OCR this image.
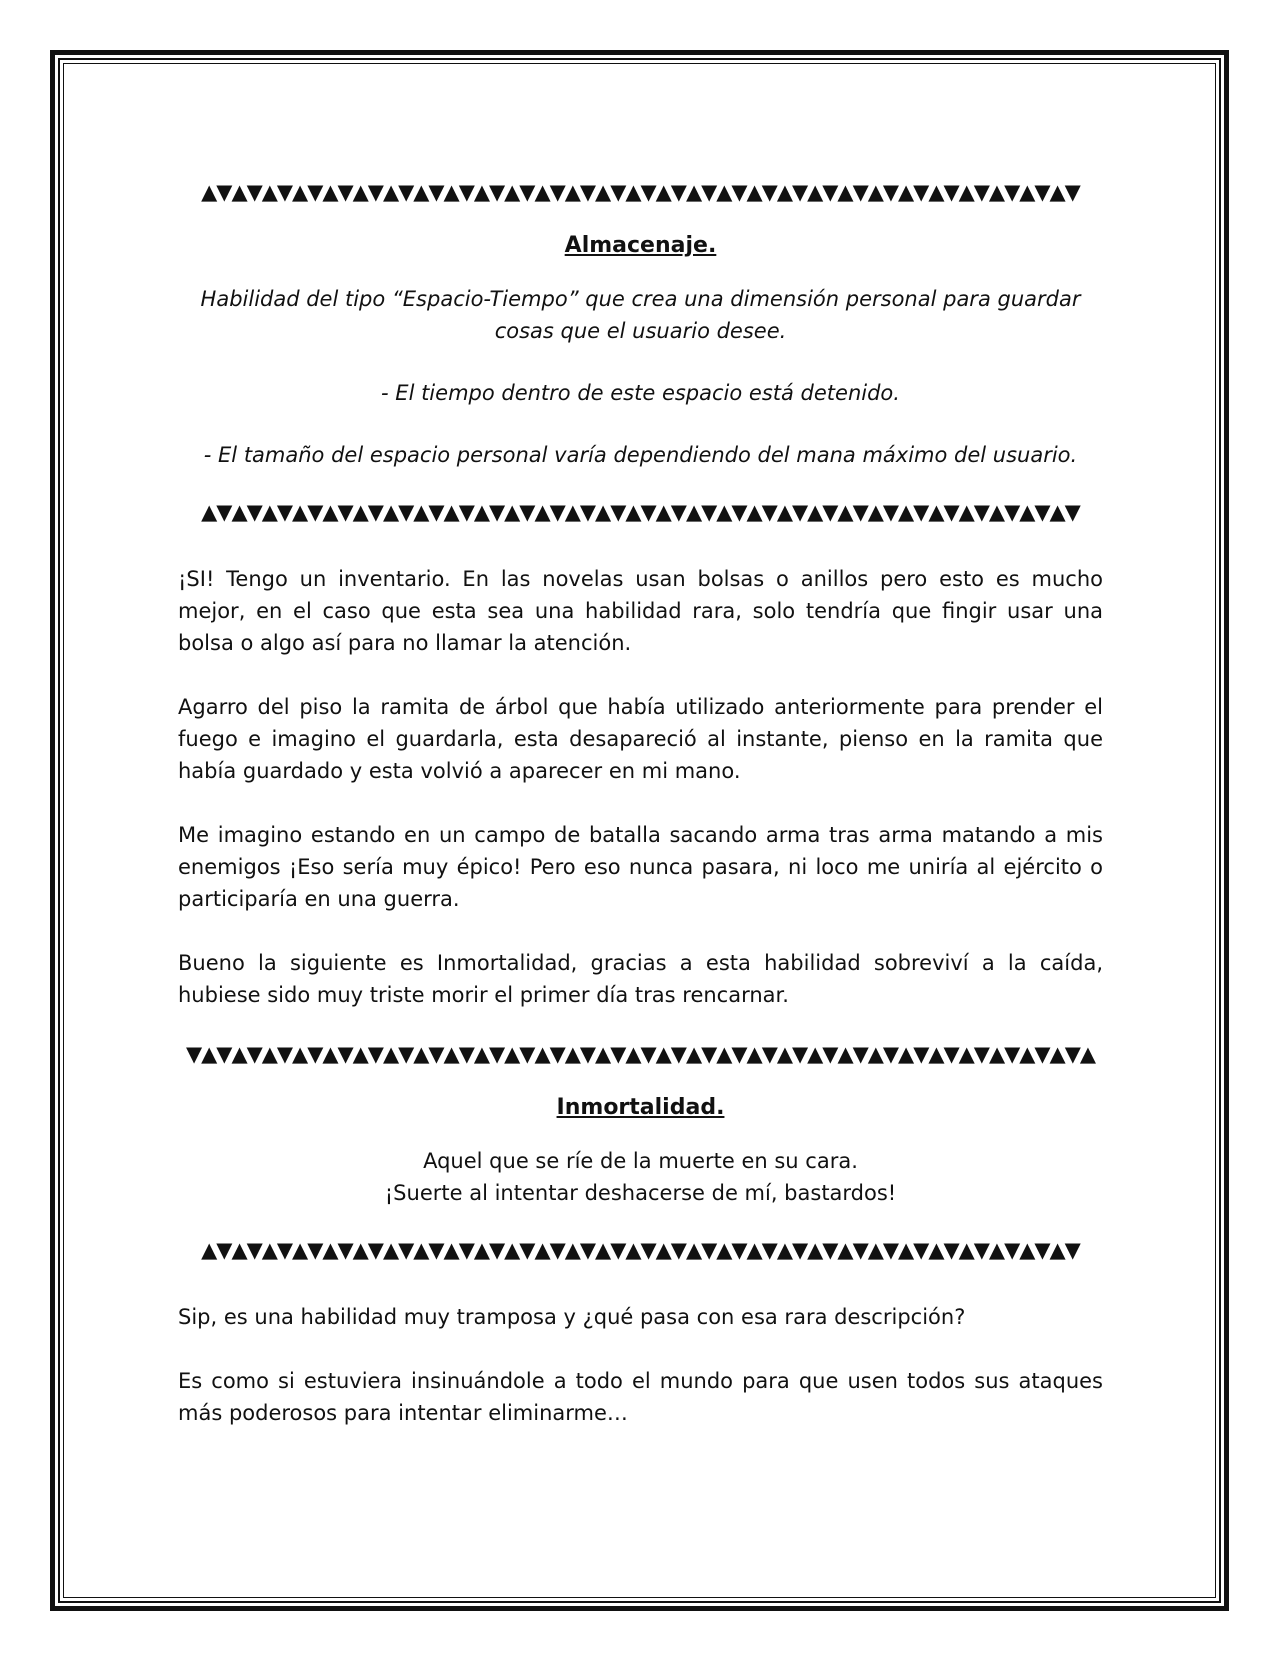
▲▼▲▼▲▼▲▼▲▼▲▼▲▼▲▼▲▼▲▼▲▼▲▼▲▼▲▼▲▼▲▼▲▼▲▼▲▼▲▼▲▼▲▼▲▼▲▼▲▼▲▼▲▼▲▼▲▼

Almacenaje.

Habilidad del tipo “Espacio-Tiempo” que crea una dimensión personal para guardar
cosas que el usuario desee.

- El tiempo dentro de este espacio está detenido.

- El tamaño del espacio personal varía dependiendo del mana máximo del usuario.

▲▼▲▼▲▼▲▼▲▼▲▼▲▼▲▼▲▼▲▼▲▼▲▼▲▼▲▼▲▼▲▼▲▼▲▼▲▼▲▼▲▼▲▼▲▼▲▼▲▼▲▼▲▼▲▼▲▼

¡SI! Tengo un inventario. En las novelas usan bolsas o anillos pero esto es mucho mejor, en el caso que esta sea una habilidad rara, solo tendría que fingir usar una bolsa o algo así para no llamar la atención.

Agarro del piso la ramita de árbol que había utilizado anteriormente para prender el fuego e imagino el guardarla, esta desapareció al instante, pienso en la ramita que había guardado y esta volvió a aparecer en mi mano.

Me imagino estando en un campo de batalla sacando arma tras arma matando a mis enemigos ¡Eso sería muy épico! Pero eso nunca pasara, ni loco me uniría al ejército o participaría en una guerra.

Bueno la siguiente es Inmortalidad, gracias a esta habilidad sobreviví a la caída, hubiese sido muy triste morir el primer día tras rencarnar.

▼▲▼▲▼▲▼▲▼▲▼▲▼▲▼▲▼▲▼▲▼▲▼▲▼▲▼▲▼▲▼▲▼▲▼▲▼▲▼▲▼▲▼▲▼▲▼▲▼▲▼▲▼▲▼▲▼▲▼▲

Inmortalidad.

Aquel que se ríe de la muerte en su cara.
¡Suerte al intentar deshacerse de mí, bastardos!

▲▼▲▼▲▼▲▼▲▼▲▼▲▼▲▼▲▼▲▼▲▼▲▼▲▼▲▼▲▼▲▼▲▼▲▼▲▼▲▼▲▼▲▼▲▼▲▼▲▼▲▼▲▼▲▼▲▼

Sip, es una habilidad muy tramposa y ¿qué pasa con esa rara descripción?

Es como si estuviera insinuándole a todo el mundo para que usen todos sus ataques más poderosos para intentar eliminarme…
